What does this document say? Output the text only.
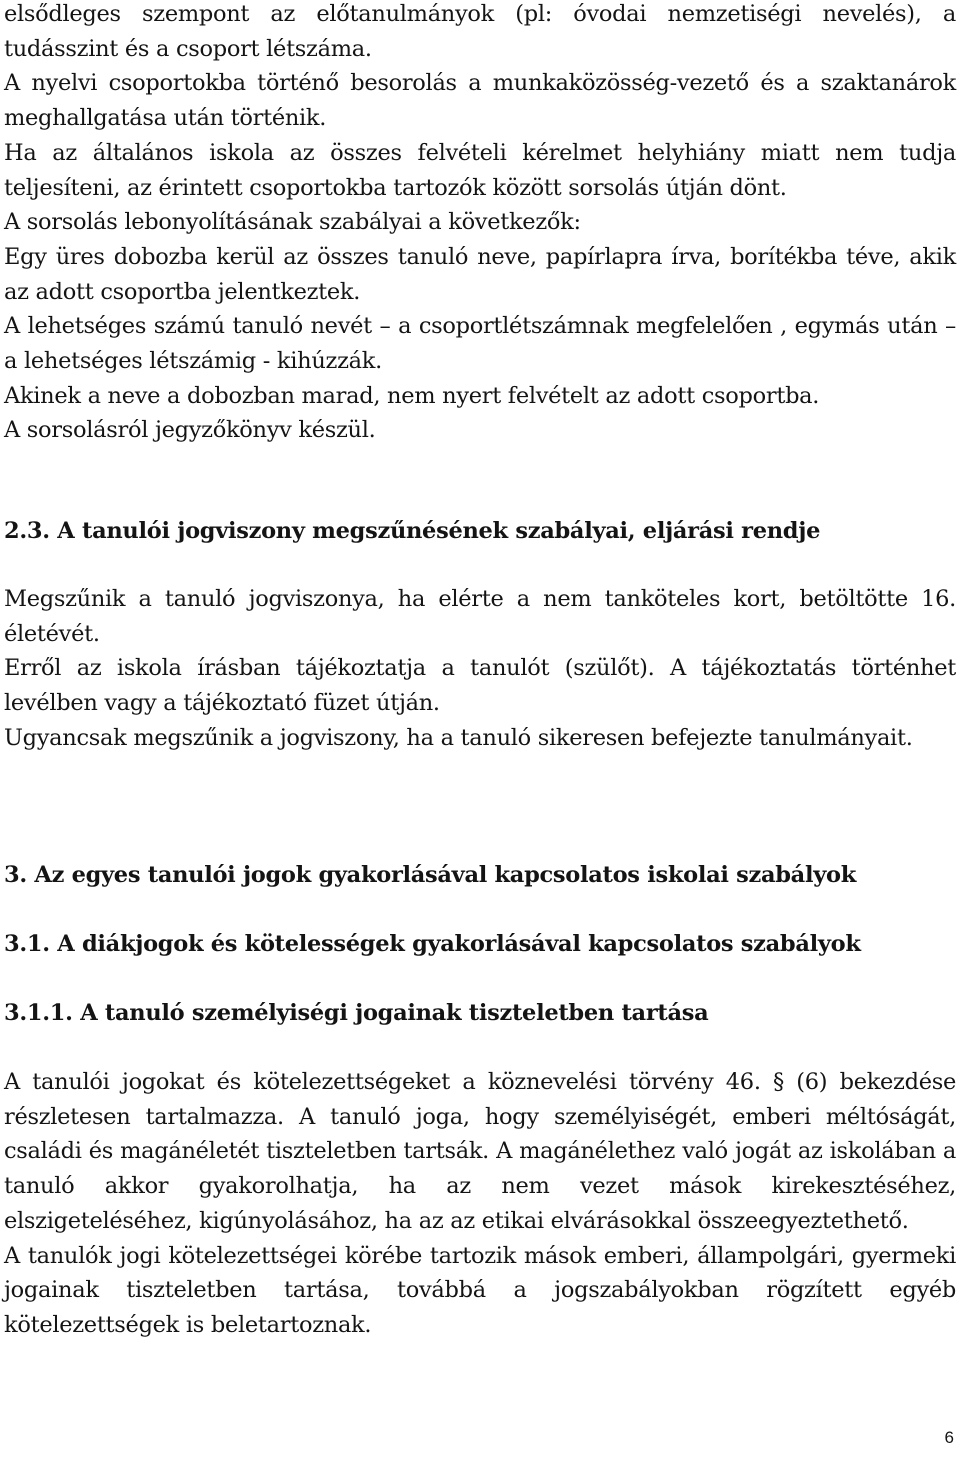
elsődleges szempont az előtanulmányok (pl: óvodai nemzetiségi nevelés), a tudásszint és a csoport létszáma.

A nyelvi csoportokba történő besorolás a munkaközösség-vezető és a szaktanárok meghallgatása után történik.

Ha az általános iskola az összes felvételi kérelmet helyhiány miatt nem tudja teljesíteni, az érintett csoportokba tartozók között sorsolás útján dönt.

A sorsolás lebonyolításának szabályai a következők:

Egy üres dobozba kerül az összes tanuló neve, papírlapra írva, borítékba téve, akik az adott csoportba jelentkeztek.

A lehetséges számú tanuló nevét – a csoportlétszámnak megfelelően , egymás után – a lehetséges létszámig - kihúzzák.

Akinek a neve a dobozban marad, nem nyert felvételt az adott csoportba.

A sorsolásról jegyzőkönyv készül.

2.3. A tanulói jogviszony megszűnésének szabályai, eljárási rendje

Megszűnik a tanuló jogviszonya, ha elérte a nem tanköteles kort, betöltötte 16. életévét.

Erről az iskola írásban tájékoztatja a tanulót (szülőt). A tájékoztatás történhet levélben vagy a tájékoztató füzet útján.

Ugyancsak megszűnik a jogviszony, ha a tanuló sikeresen befejezte tanulmányait.

3. Az egyes tanulói jogok gyakorlásával kapcsolatos iskolai szabályok
3.1. A diákjogok és kötelességek gyakorlásával kapcsolatos szabályok
3.1.1. A tanuló személyiségi jogainak tiszteletben tartása

A tanulói jogokat és kötelezettségeket a köznevelési törvény 46. § (6) bekezdése részletesen tartalmazza. A tanuló joga, hogy személyiségét, emberi méltóságát, családi és magánéletét tiszteletben tartsák. A magánélethez való jogát az iskolában a tanuló akkor gyakorolhatja, ha az nem vezet mások kirekesztéséhez, elszigeteléséhez, kigúnyolásához, ha az az etikai elvárásokkal összeegyeztethető.

A tanulók jogi kötelezettségei körébe tartozik mások emberi, állampolgári, gyermeki jogainak tiszteletben tartása, továbbá a jogszabályokban rögzített egyéb kötelezettségek is beletartoznak.

6
